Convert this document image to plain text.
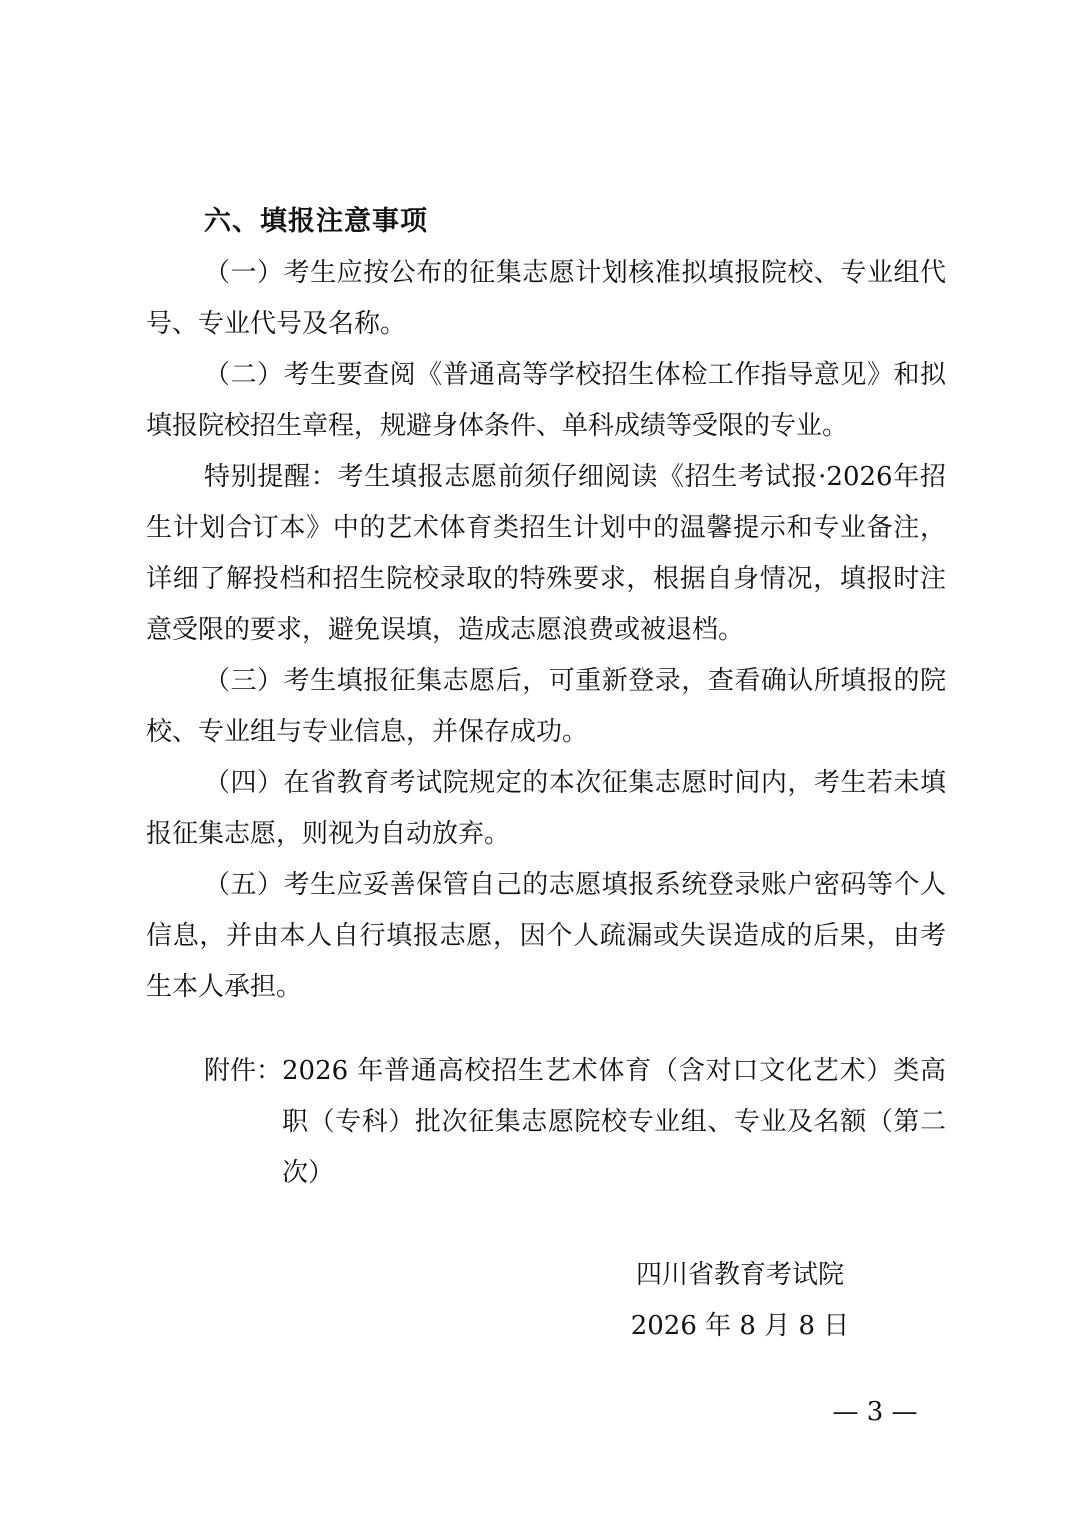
六、填报注意事项

（一）考生应按公布的征集志愿计划核准拟填报院校、专业组代号、专业代号及名称。

（二）考生要查阅《普通高等学校招生体检工作指导意见》和拟填报院校招生章程，规避身体条件、单科成绩等受限的专业。

特别提醒：考生填报志愿前须仔细阅读《招生考试报·2026年招生计划合订本》中的艺术体育类招生计划中的温馨提示和专业备注，详细了解投档和招生院校录取的特殊要求，根据自身情况，填报时注意受限的要求，避免误填，造成志愿浪费或被退档。

（三）考生填报征集志愿后，可重新登录，查看确认所填报的院校、专业组与专业信息，并保存成功。

（四）在省教育考试院规定的本次征集志愿时间内，考生若未填报征集志愿，则视为自动放弃。

（五）考生应妥善保管自己的志愿填报系统登录账户密码等个人信息，并由本人自行填报志愿，因个人疏漏或失误造成的后果，由考生本人承担。

附件： 2026 年普通高校招生艺术体育（含对口文化艺术）类高职（专科）批次征集志愿院校专业组、专业及名额（第二次）
四川省教育考试院
2026 年 8 月 8 日
— 3 —
